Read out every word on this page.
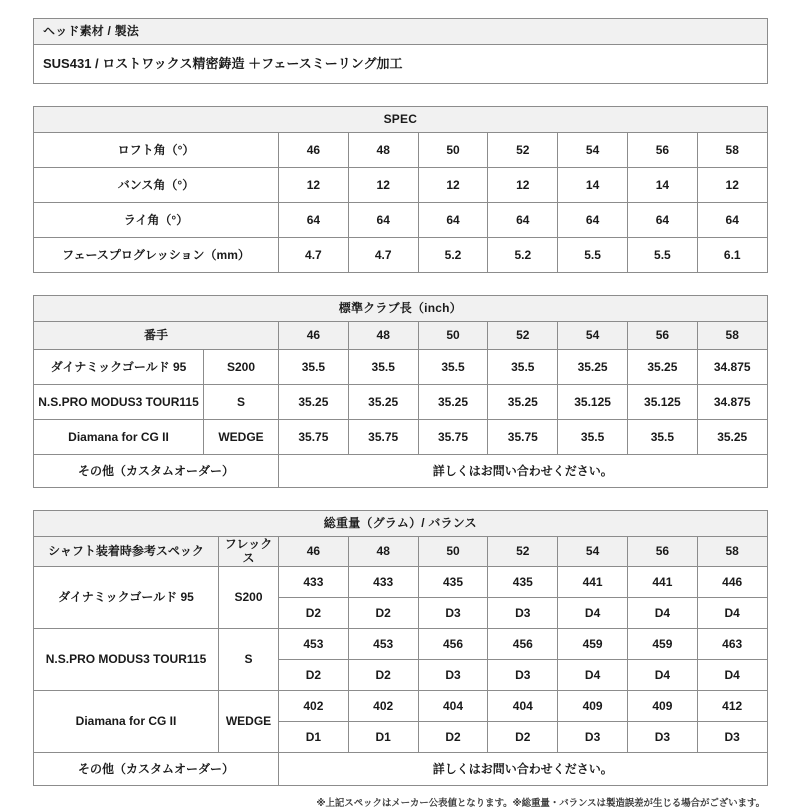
ヘッド素材 / 製法
SUS431 / ロストワックス精密鋳造 ＋フェースミーリング加工
SPEC							
ロフト角（°）	46	48	50	52	54	56	58
バンス角（°）	12	12	12	12	14	14	12
ライ角（°）	64	64	64	64	64	64	64
フェースプログレッション（mm）	4.7	4.7	5.2	5.2	5.5	5.5	6.1
標準クラブ長（inch）								
番手		46	48	50	52	54	56	58
ダイナミックゴールド 95	S200	35.5	35.5	35.5	35.5	35.25	35.25	34.875
N.S.PRO MODUS3 TOUR115	S	35.25	35.25	35.25	35.25	35.125	35.125	34.875
Diamana for CG II	WEDGE	35.75	35.75	35.75	35.75	35.5	35.5	35.25
その他（カスタムオーダー）		詳しくはお問い合わせください。						
総重量（グラム）/ バランス								
シャフト装着時参考スペック	フレックス	46	48	50	52	54	56	58
ダイナミックゴールド 95	S200	433	433	435	435	441	441	446
		D2	D2	D3	D3	D4	D4	D4
N.S.PRO MODUS3 TOUR115	S	453	453	456	456	459	459	463
		D2	D2	D3	D3	D4	D4	D4
Diamana for CG II	WEDGE	402	402	404	404	409	409	412
		D1	D1	D2	D2	D3	D3	D3
その他（カスタムオーダー）		詳しくはお問い合わせください。						
※上記スペックはメーカー公表値となります。※総重量・バランスは製造誤差が生じる場合がございます。
